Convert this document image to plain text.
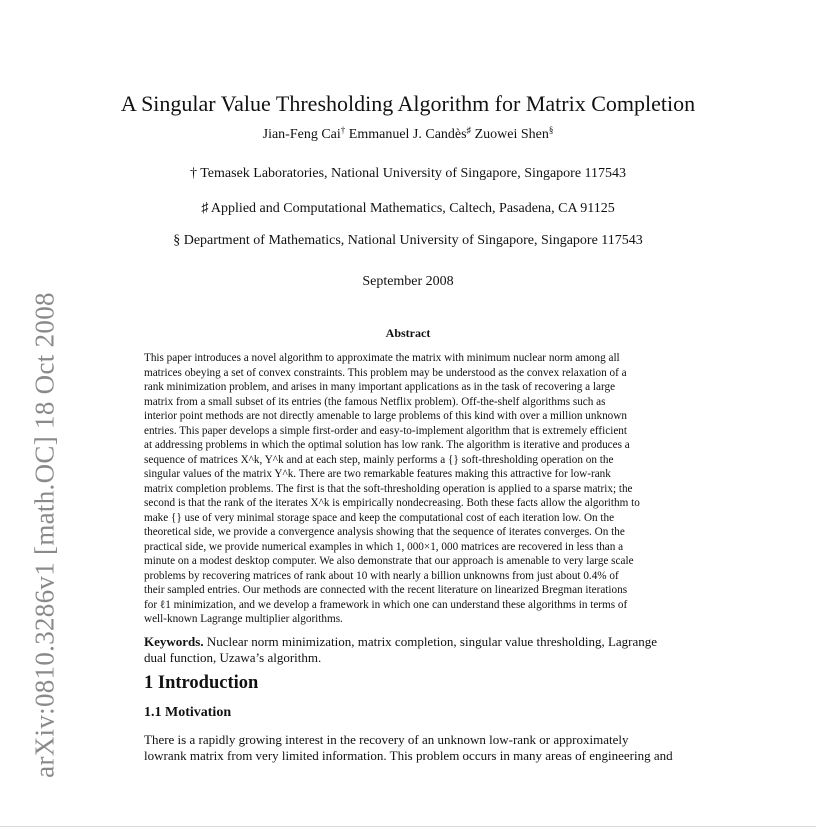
arXiv:0810.3286v1 [math.OC] 18 Oct 2008
A Singular Value Thresholding Algorithm for Matrix Completion
Jian-Feng Cai† Emmanuel J. Candès♯ Zuowei Shen§
† Temasek Laboratories, National University of Singapore, Singapore 117543
♯ Applied and Computational Mathematics, Caltech, Pasadena, CA 91125
§ Department of Mathematics, National University of Singapore, Singapore 117543
September 2008
Abstract
This paper introduces a novel algorithm to approximate the matrix with minimum nuclear norm among all
matrices obeying a set of convex constraints. This problem may be understood as the convex relaxation of a
rank minimization problem, and arises in many important applications as in the task of recovering a large
matrix from a small subset of its entries (the famous Netflix problem). Off-the-shelf algorithms such as
interior point methods are not directly amenable to large problems of this kind with over a million unknown
entries. This paper develops a simple first-order and easy-to-implement algorithm that is extremely efficient
at addressing problems in which the optimal solution has low rank. The algorithm is iterative and produces a
sequence of matrices X^k, Y^k and at each step, mainly performs a {} soft-thresholding operation on the
singular values of the matrix Y^k. There are two remarkable features making this attractive for low-rank
matrix completion problems. The first is that the soft-thresholding operation is applied to a sparse matrix; the
second is that the rank of the iterates X^k is empirically nondecreasing. Both these facts allow the algorithm to
make {} use of very minimal storage space and keep the computational cost of each iteration low. On the
theoretical side, we provide a convergence analysis showing that the sequence of iterates converges. On the
practical side, we provide numerical examples in which 1, 000×1, 000 matrices are recovered in less than a
minute on a modest desktop computer. We also demonstrate that our approach is amenable to very large scale
problems by recovering matrices of rank about 10 with nearly a billion unknowns from just about 0.4% of
their sampled entries. Our methods are connected with the recent literature on linearized Bregman iterations
for ℓ1 minimization, and we develop a framework in which one can understand these algorithms in terms of
well-known Lagrange multiplier algorithms.
Keywords. Nuclear norm minimization, matrix completion, singular value thresholding, Lagrange dual function, Uzawa’s algorithm.
1 Introduction
1.1 Motivation
There is a rapidly growing interest in the recovery of an unknown low-rank or approximately lowrank matrix from very limited information. This problem occurs in many areas of engineering and
